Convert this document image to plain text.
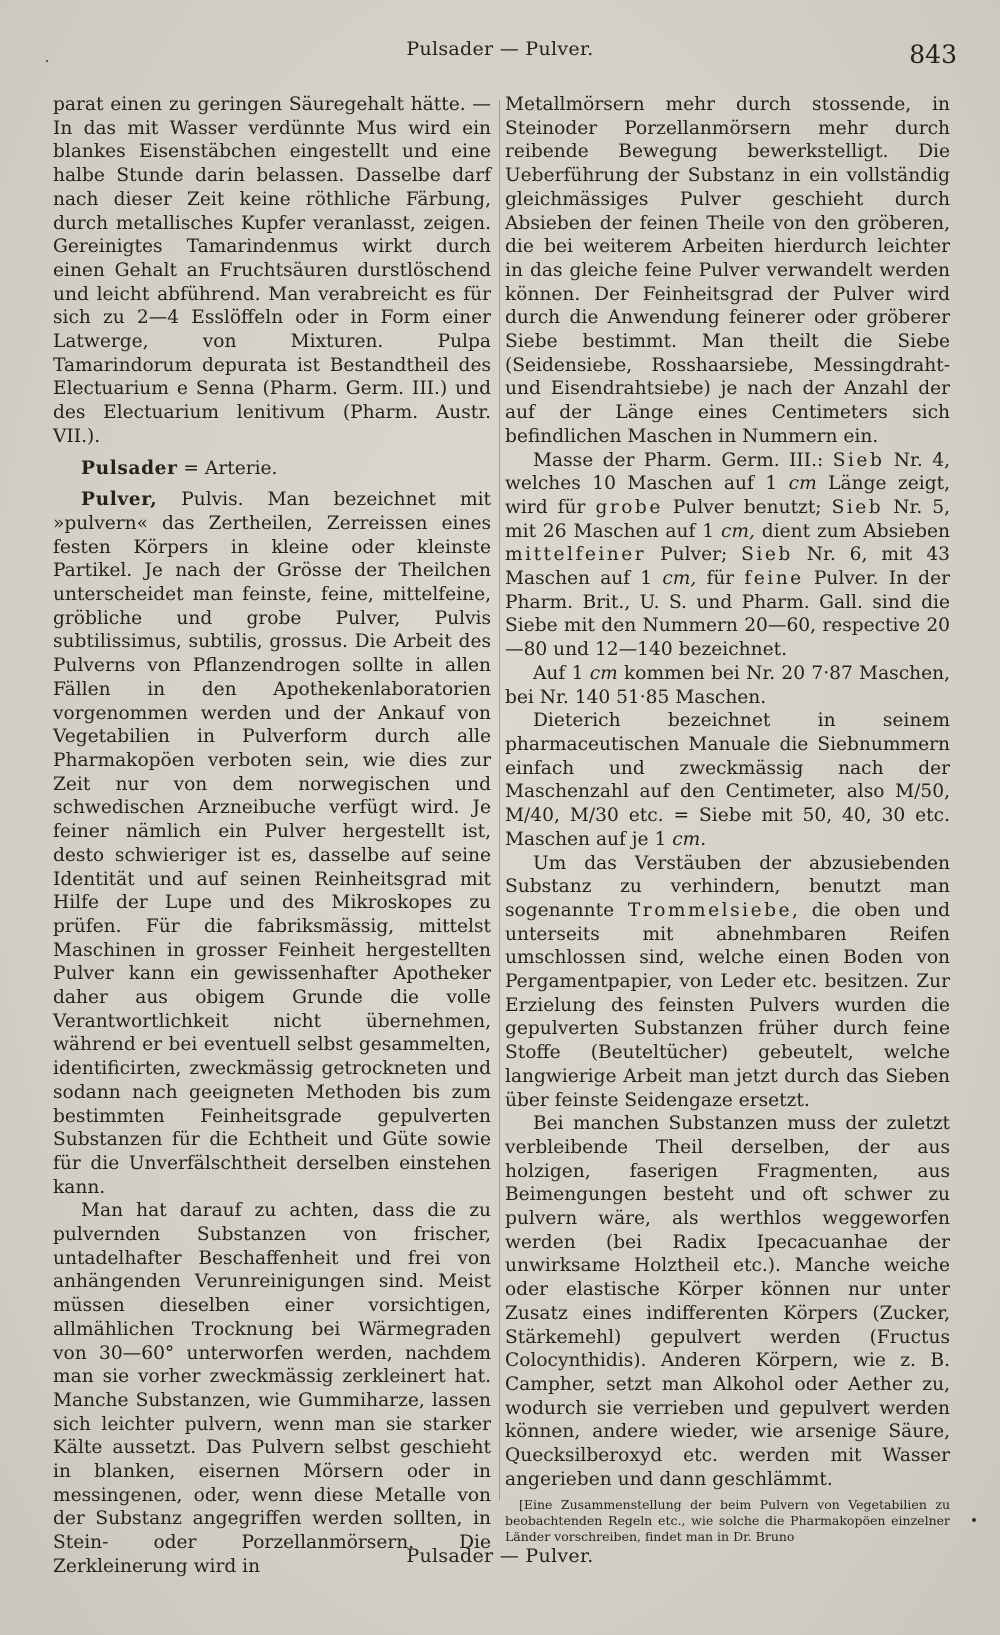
Pulsader — Pulver.	843

parat einen zu geringen Säuregehalt hätte. — In das mit Wasser verdünnte Mus wird ein blankes Eisenstäbchen eingestellt und eine halbe Stunde darin belassen. Dasselbe darf nach dieser Zeit keine röthliche Färbung, durch metallisches Kupfer veranlasst, zeigen. Gereinigtes Tamarindenmus wirkt durch einen Gehalt an Fruchtsäuren durstlöschend und leicht abführend. Man verabreicht es für sich zu 2—4 Esslöffeln oder in Form einer Latwerge, von Mixturen. Pulpa Tamarindorum depurata ist Bestandtheil des Electuarium e Senna (Pharm. Germ. III.) und des Electuarium lenitivum (Pharm. Austr. VII.).

Pulsader = Arterie.

Pulver, Pulvis. Man bezeichnet mit »pulvern« das Zertheilen, Zerreissen eines festen Körpers in kleine oder kleinste Partikel. Je nach der Grösse der Theilchen unterscheidet man feinste, feine, mittelfeine, gröbliche und grobe Pulver, Pulvis subtilissimus, subtilis, grossus. Die Arbeit des Pulverns von Pflanzendrogen sollte in allen Fällen in den Apothekenlaboratorien vorgenommen werden und der Ankauf von Vegetabilien in Pulverform durch alle Pharmakopöen verboten sein, wie dies zur Zeit nur von dem norwegischen und schwedischen Arzneibuche verfügt wird. Je feiner nämlich ein Pulver hergestellt ist, desto schwieriger ist es, dasselbe auf seine Identität und auf seinen Reinheitsgrad mit Hilfe der Lupe und des Mikroskopes zu prüfen. Für die fabriksmässig, mittelst Maschinen in grosser Feinheit hergestellten Pulver kann ein gewissenhafter Apotheker daher aus obigem Grunde die volle Verantwortlichkeit nicht übernehmen, während er bei eventuell selbst gesammelten, identificirten, zweckmässig getrockneten und sodann nach geeigneten Methoden bis zum bestimmten Feinheitsgrade gepulverten Substanzen für die Echtheit und Güte sowie für die Unverfälschtheit derselben einstehen kann.

Man hat darauf zu achten, dass die zu pulvernden Substanzen von frischer, untadelhafter Beschaffenheit und frei von anhängenden Verunreinigungen sind. Meist müssen dieselben einer vorsichtigen, allmählichen Trocknung bei Wärmegraden von 30—60° unterworfen werden, nachdem man sie vorher zweckmässig zerkleinert hat. Manche Substanzen, wie Gummiharze, lassen sich leichter pulvern, wenn man sie starker Kälte aussetzt. Das Pulvern selbst geschieht in blanken, eisernen Mörsern oder in messingenen, oder, wenn diese Metalle von der Substanz angegriffen werden sollten, in Stein- oder Porzellanmörsern. Die Zerkleinerung wird in

Metallmörsern mehr durch stossende, in Steinoder Porzellanmörsern mehr durch reibende Bewegung bewerkstelligt. Die Ueberführung der Substanz in ein vollständig gleichmässiges Pulver geschieht durch Absieben der feinen Theile von den gröberen, die bei weiterem Arbeiten hierdurch leichter in das gleiche feine Pulver verwandelt werden können. Der Feinheitsgrad der Pulver wird durch die Anwendung feinerer oder gröberer Siebe bestimmt. Man theilt die Siebe (Seidensiebe, Rosshaarsiebe, Messingdraht- und Eisendrahtsiebe) je nach der Anzahl der auf der Länge eines Centimeters sich befindlichen Maschen in Nummern ein.

Masse der Pharm. Germ. III.: Sieb Nr. 4, welches 10 Maschen auf 1 cm Länge zeigt, wird für grobe Pulver benutzt; Sieb Nr. 5, mit 26 Maschen auf 1 cm, dient zum Absieben mittelfeiner Pulver; Sieb Nr. 6, mit 43 Maschen auf 1 cm, für feine Pulver. In der Pharm. Brit., U. S. und Pharm. Gall. sind die Siebe mit den Nummern 20—60, respective 20—80 und 12—140 bezeichnet.

Auf 1 cm kommen bei Nr. 20 7·87 Maschen, bei Nr. 140 51·85 Maschen.

Dieterich bezeichnet in seinem pharmaceutischen Manuale die Siebnummern einfach und zweckmässig nach der Maschenzahl auf den Centimeter, also M/50, M/40, M/30 etc. = Siebe mit 50, 40, 30 etc. Maschen auf je 1 cm.

Um das Verstäuben der abzusiebenden Substanz zu verhindern, benutzt man sogenannte Trommelsiebe, die oben und unterseits mit abnehmbaren Reifen umschlossen sind, welche einen Boden von Pergamentpapier, von Leder etc. besitzen. Zur Erzielung des feinsten Pulvers wurden die gepulverten Substanzen früher durch feine Stoffe (Beuteltücher) gebeutelt, welche langwierige Arbeit man jetzt durch das Sieben über feinste Seidengaze ersetzt.

Bei manchen Substanzen muss der zuletzt verbleibende Theil derselben, der aus holzigen, faserigen Fragmenten, aus Beimengungen besteht und oft schwer zu pulvern wäre, als werthlos weggeworfen werden (bei Radix Ipecacuanhae der unwirksame Holztheil etc.). Manche weiche oder elastische Körper können nur unter Zusatz eines indifferenten Körpers (Zucker, Stärkemehl) gepulvert werden (Fructus Colocynthidis). Anderen Körpern, wie z. B. Campher, setzt man Alkohol oder Aether zu, wodurch sie verrieben und gepulvert werden können, andere wieder, wie arsenige Säure, Quecksilberoxyd etc. werden mit Wasser angerieben und dann geschlämmt.

[Eine Zusammenstellung der beim Pulvern von Vegetabilien zu beobachtenden Regeln etc., wie solche die Pharmakopöen einzelner Länder vorschreiben, findet man in Dr. Bruno

Pulsader — Pulver.
